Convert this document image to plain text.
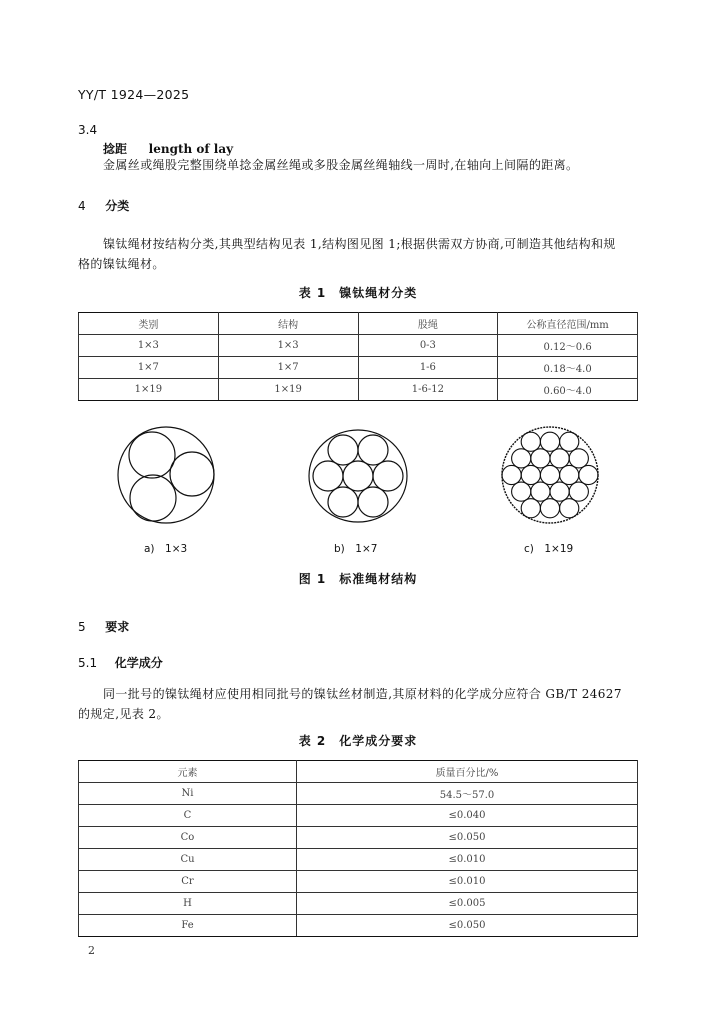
YY/T 1924—2025
3.4
捻距 length of lay
金属丝或绳股完整围绕单捻金属丝绳或多股金属丝绳轴线一周时,在轴向上间隔的距离。
4 分类
镍钛绳材按结构分类,其典型结构见表 1,结构图见图 1;根据供需双方协商,可制造其他结构和规
格的镍钛绳材。
表 1　镍钛绳材分类
类别	结构	股绳	公称直径范围/mm
1×3	1×3	0-3	0.12～0.6
1×7	1×7	1-6	0.18～4.0
1×19	1×19	1-6-12	0.60～4.0
a)　1×3	b)　1×7	c)　1×19
图 1　标准绳材结构
5 要求
5.1 化学成分
同一批号的镍钛绳材应使用相同批号的镍钛丝材制造,其原材料的化学成分应符合 GB/T 24627
的规定,见表 2。
表 2　化学成分要求
元素	质量百分比/%
Ni	54.5～57.0
C	≤0.040
Co	≤0.050
Cu	≤0.010
Cr	≤0.010
H	≤0.005
Fe	≤0.050
2
